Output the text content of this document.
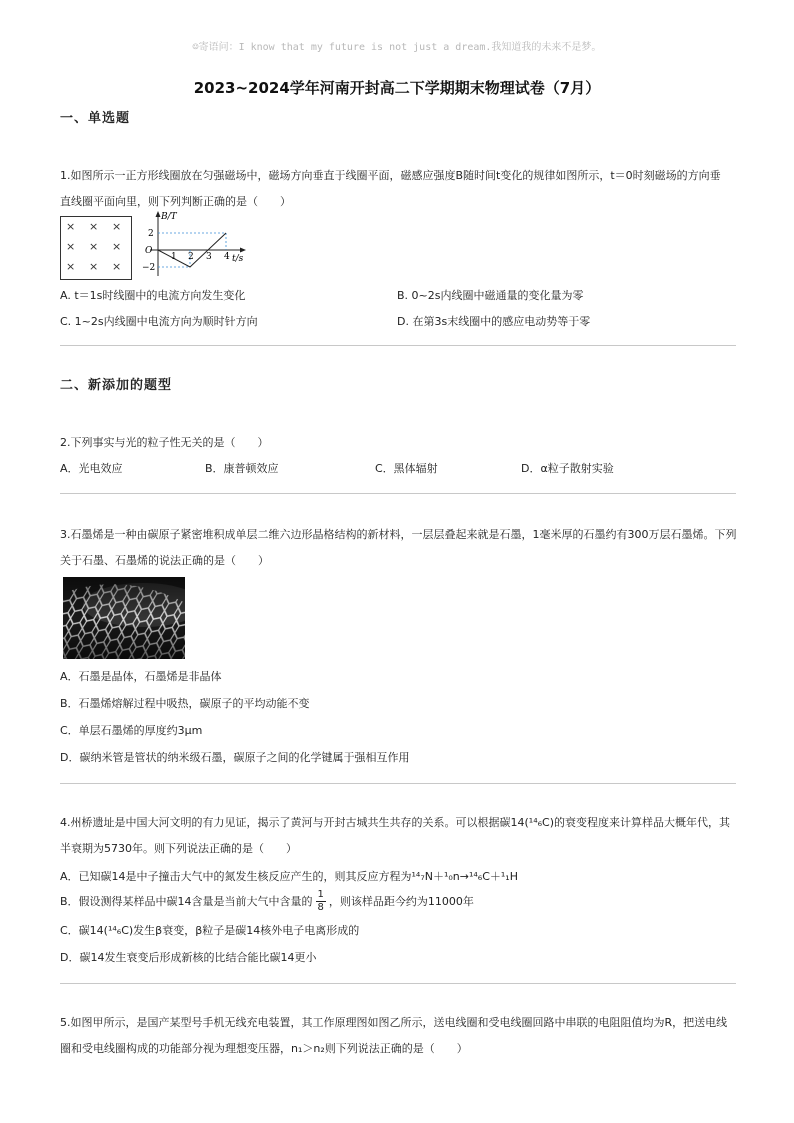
☺寄语问：I know that my future is not just a dream.我知道我的未来不是梦。
2023~2024学年河南开封高二下学期期末物理试卷（7月）
一、单选题
1.如图所示一正方形线圈放在匀强磁场中，磁场方向垂直于线圈平面，磁感应强度B随时间t变化的规律如图所示，t＝0时刻磁场的方向垂
直线圈平面向里，则下列判断正确的是（　　）
× × ×
× × ×
× × ×
B/T
2
O
−2
1 2 3 4 t/s
A. t＝1s时线圈中的电流方向发生变化	B. 0~2s内线圈中磁通量的变化量为零
C. 1~2s内线圈中电流方向为顺时针方向	D. 在第3s末线圈中的感应电动势等于零
二、新添加的题型
2.下列事实与光的粒子性无关的是（　　）
A．光电效应	B．康普顿效应	C．黑体辐射	D．α粒子散射实验
3.石墨烯是一种由碳原子紧密堆积成单层二维六边形晶格结构的新材料，一层层叠起来就是石墨，1毫米厚的石墨约有300万层石墨烯。下列
关于石墨、石墨烯的说法正确的是（　　）
A．石墨是晶体，石墨烯是非晶体
B．石墨烯熔解过程中吸热，碳原子的平均动能不变
C．单层石墨烯的厚度约3μm
D．碳纳米管是管状的纳米级石墨，碳原子之间的化学键属于强相互作用
4.州桥遗址是中国大河文明的有力见证，揭示了黄河与开封古城共生共存的关系。可以根据碳14(¹⁴₆C)的衰变程度来计算样品大概年代，其
半衰期为5730年。则下列说法正确的是（　　）
A．已知碳14是中子撞击大气中的氮发生核反应产生的，则其反应方程为¹⁴₇N＋¹₀n→¹⁴₆C＋¹₁H
B．假设测得某样品中碳14含量是当前大气中含量的 $\frac{1}{8}$ ，则该样品距今约为11000年
C．碳14(¹⁴₆C)发生β衰变，β粒子是碳14核外电子电离形成的
D．碳14发生衰变后形成新核的比结合能比碳14更小
5.如图甲所示，是国产某型号手机无线充电装置，其工作原理图如图乙所示，送电线圈和受电线圈回路中串联的电阻阻值均为R，把送电线
圈和受电线圈构成的功能部分视为理想变压器，n₁＞n₂则下列说法正确的是（　　）
